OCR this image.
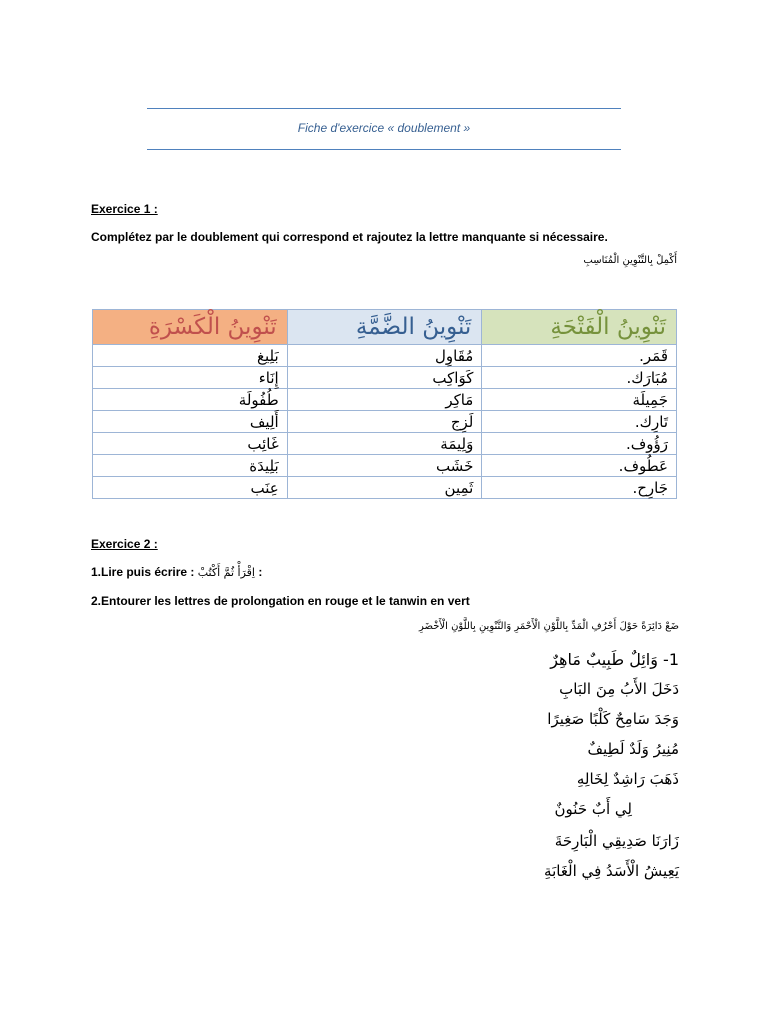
Fiche d'exercice « doublement »
Exercice 1 :
Complétez par le doublement qui correspond et rajoutez la lettre manquante si nécessaire.
أَكْمِلْ بِالتَّنْوِينِ الْمُنَاسِبِ
تَنْوِينُ الْفَتْحَةِ	تَنْوِينُ الضَّمَّةِ	تَنْوِينُ الْكَسْرَةِ
قَمَر.	مُقَاوِل	بَلِيغ
مُبَارَك.	كَوَاكِب	إِنَاء
جَمِيلَة	مَاكِر	طُفُولَة
تَارِك.	لَزِج	أَلِيف
رَؤُوف.	وَلِيمَة	غَائِب
عَطُوف.	خَشَب	بَلِيدَة
جَارِح.	ثَمِين	عِنَب
Exercice 2 :
1.Lire puis écrire : اِقْرَأْ ثُمَّ أَكْتُبْ :
2.Entourer les lettres de prolongation en rouge et le tanwin en vert
ضَعْ دَائِرَةً حَوْلَ أَحْرُفِ الْمَدِّ بِاللَّوْنِ الْأَحْمَرِ وَالتَّنْوِينِ بِاللَّوْنِ الْأَخْضَرِ
1- وَائِلٌ طَبِيبٌ مَاهِرٌ
دَخَلَ الأَبُ مِنَ البَابِ
وَجَدَ سَامِحٌ كَلْبًا صَغِيرًا
مُنِيرُ وَلَدٌ لَطِيفٌ
ذَهَبَ رَاشِدٌ لِخَالِهِ
لِي أَبٌ حَنُونٌ
زَارَنَا صَدِيقِي الْبَارِحَةَ
يَعِيشُ الْأَسَدُ فِي الْغَابَةِ
